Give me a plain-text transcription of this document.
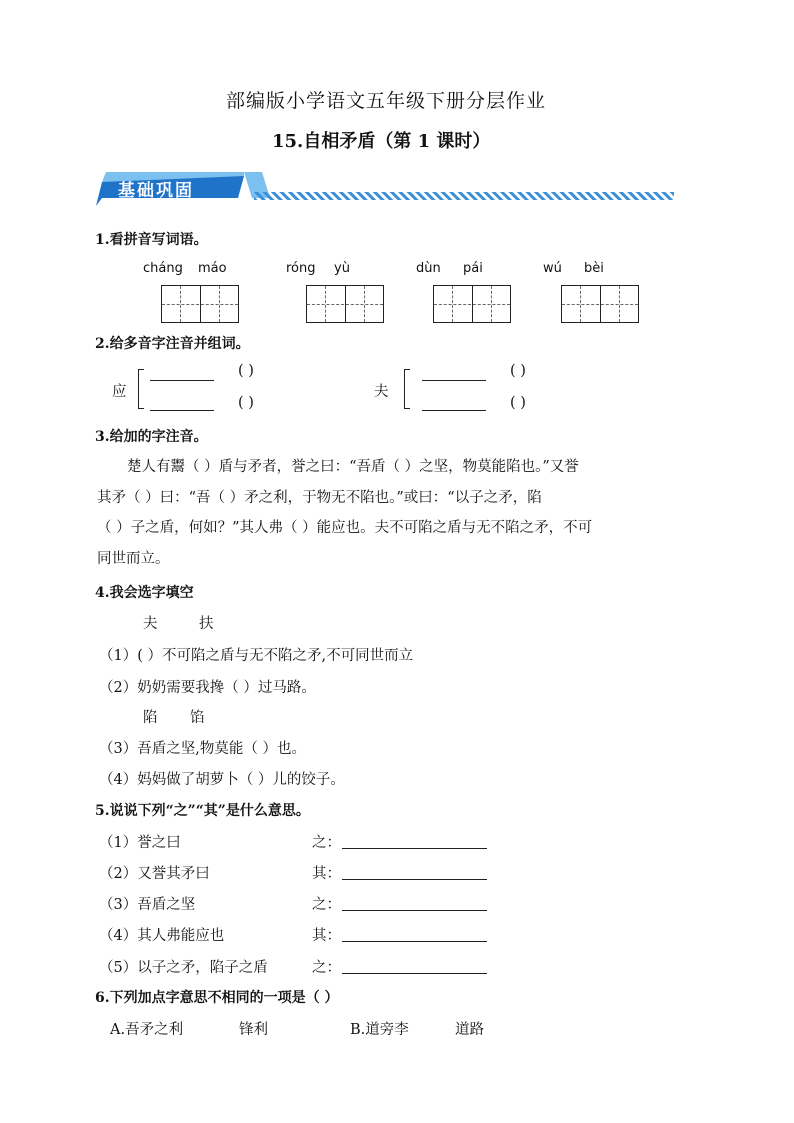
部编版小学语文五年级下册分层作业
15.自相矛盾（第 1 课时）
基础巩固
1.看拼音写词语。
cháng máo	róng yù	dùn pái	wú bèi
2.给多音字注音并组词。
应
( )
( )
夫
( )
( )
3.给加的字注音。
楚人有鬻（ ）盾与矛者，誉之曰：“吾盾（ ）之坚，物莫能陷也。”又誉
其矛（ ）曰：“吾（ ）矛之利，于物无不陷也。”或曰：“以子之矛，陷
（ ）子之盾，何如？”其人弗（ ）能应也。夫不可陷之盾与无不陷之矛，不可
同世而立。
4.我会选字填空
夫	扶
（1）( ）不可陷之盾与无不陷之矛,不可同世而立
（2）奶奶需要我搀（ ）过马路。
陷 馅
（3）吾盾之坚,物莫能（ ）也。
（4）妈妈做了胡萝卜（ ）儿的饺子。
5.说说下列“之”“其”是什么意思。
（1）誉之曰	之：
（2）又誉其矛曰	其：
（3）吾盾之坚	之：
（4）其人弗能应也	其：
（5）以子之矛，陷子之盾	之：
6.下列加点字意思不相同的一项是（ ）
A.吾矛之利	锋利	B.道旁李	道路
